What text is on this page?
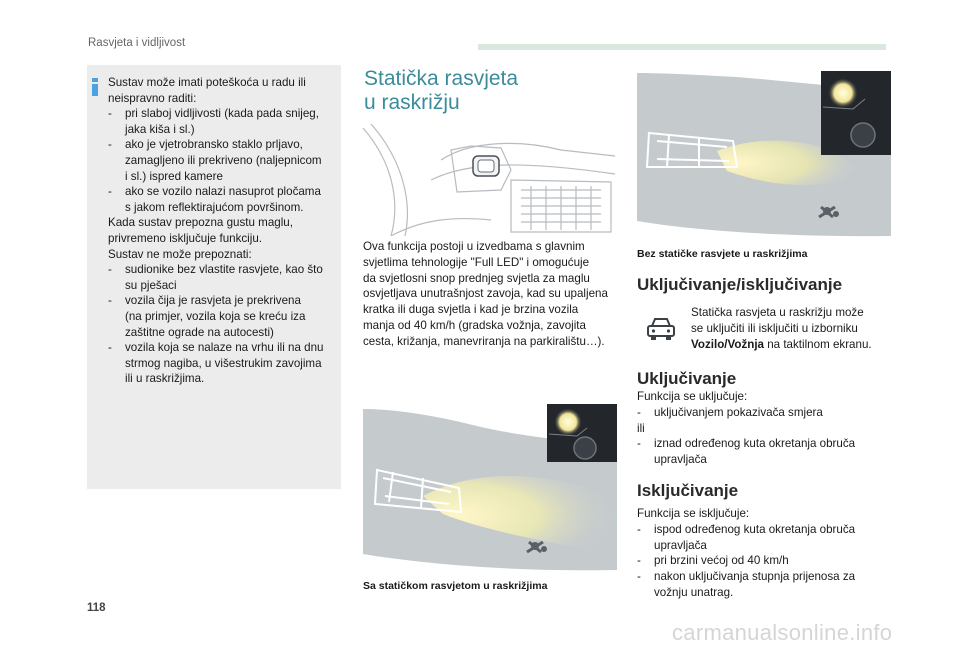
Rasvjeta i vidljivost
Sustav može imati poteškoća u radu ili
neispravno raditi:
-	pri slaboj vidljivosti (kada pada snijeg,
jaka kiša i sl.)
-	ako je vjetrobransko staklo prljavo,
zamagljeno ili prekriveno (naljepnicom
i sl.) ispred kamere
-	ako se vozilo nalazi nasuprot pločama
s jakom reflektirajućom površinom.
Kada sustav prepozna gustu maglu,
privremeno isključuje funkciju.
Sustav ne može prepoznati:
-	sudionike bez vlastite rasvjete, kao što
su pješaci
-	vozila čija je rasvjeta je prekrivena
(na primjer, vozila koja se kreću iza
zaštitne ograde na autocesti)
-	vozila koja se nalaze na vrhu ili na dnu
strmog nagiba, u višestrukim zavojima
ili u raskrižjima.
Statička rasvjeta
u raskrižju
Ova funkcija postoji u izvedbama s glavnim
svjetlima tehnologije "Full LED" i omogućuje
da svjetlosni snop prednjeg svjetla za maglu
osvjetljava unutrašnjost zavoja, kad su upaljena
kratka ili duga svjetla i kad je brzina vozila
manja od 40 km/h (gradska vožnja, zavojita
cesta, križanja, manevriranja na parkiralištu…).
Sa statičkom rasvjetom u raskrižjima
Bez statičke rasvjete u raskrižjima
Uključivanje/isključivanje
Statička rasvjeta u raskrižju može
se uključiti ili isključiti u izborniku
Vozilo/Vožnja na taktilnom ekranu.
Uključivanje
Funkcija se uključuje:
-	uključivanjem pokazivača smjera
ili
-	iznad određenog kuta okretanja obruča
upravljača
Isključivanje
Funkcija se isključuje:
-	ispod određenog kuta okretanja obruča
upravljača
-	pri brzini većoj od 40 km/h
-	nakon uključivanja stupnja prijenosa za
vožnju unatrag.
118
carmanualsonline.info
